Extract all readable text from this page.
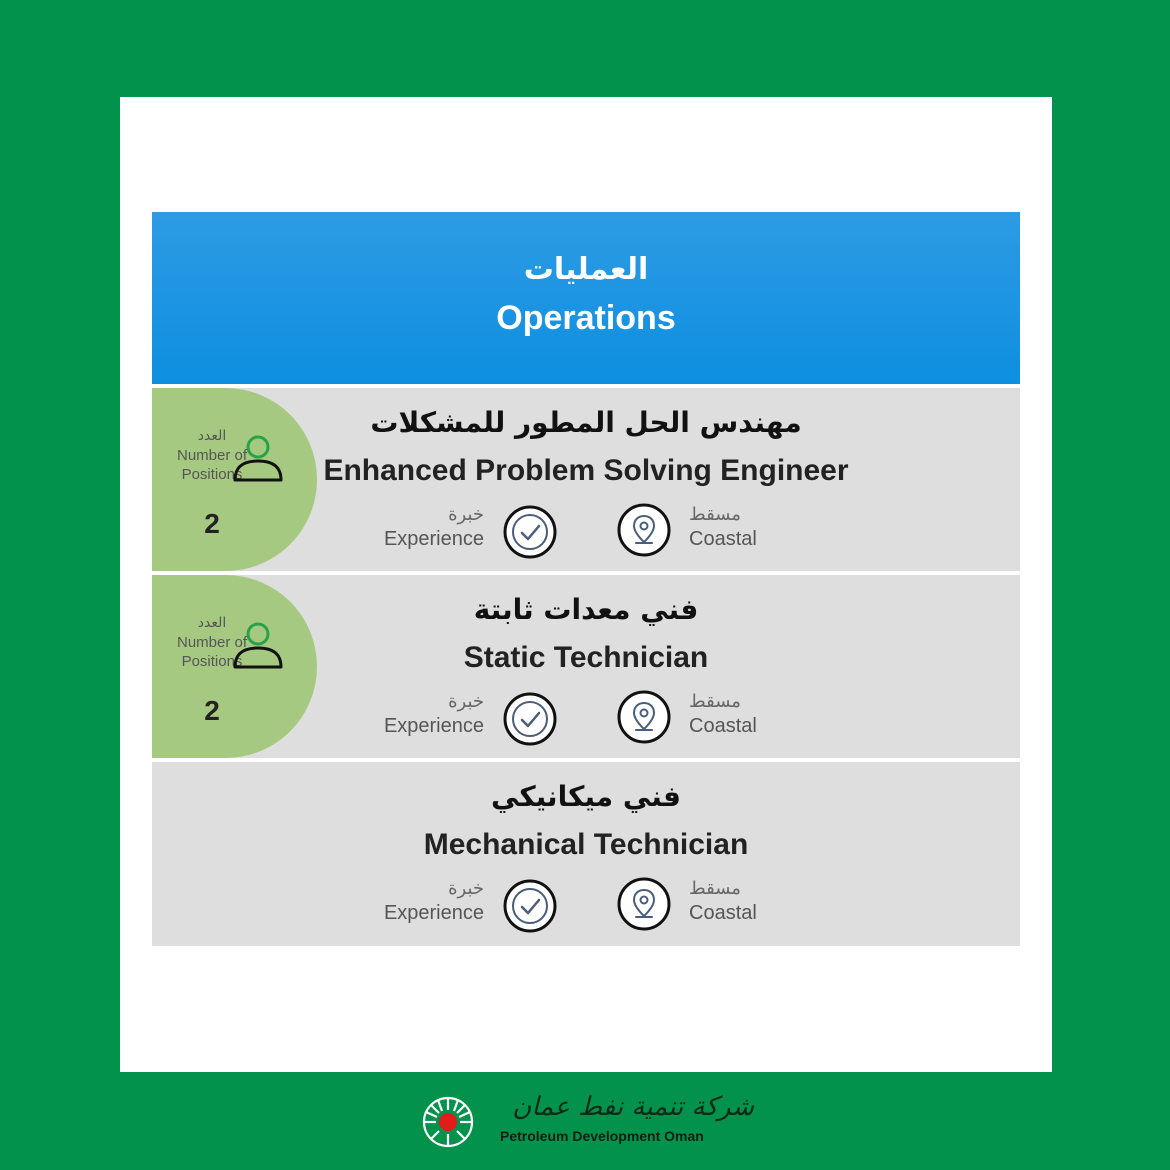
العمليات
Operations
العدد
Number of Positions
2
مهندس الحل المطور للمشكلات
Enhanced Problem Solving Engineer
خبرة
Experience
مسقط
Coastal
العدد
Number of Positions
2
فني معدات ثابتة
Static Technician
خبرة
Experience
مسقط
Coastal
فني ميكانيكي
Mechanical Technician
خبرة
Experience
مسقط
Coastal
شركة تنمية نفط عمان
Petroleum Development Oman
